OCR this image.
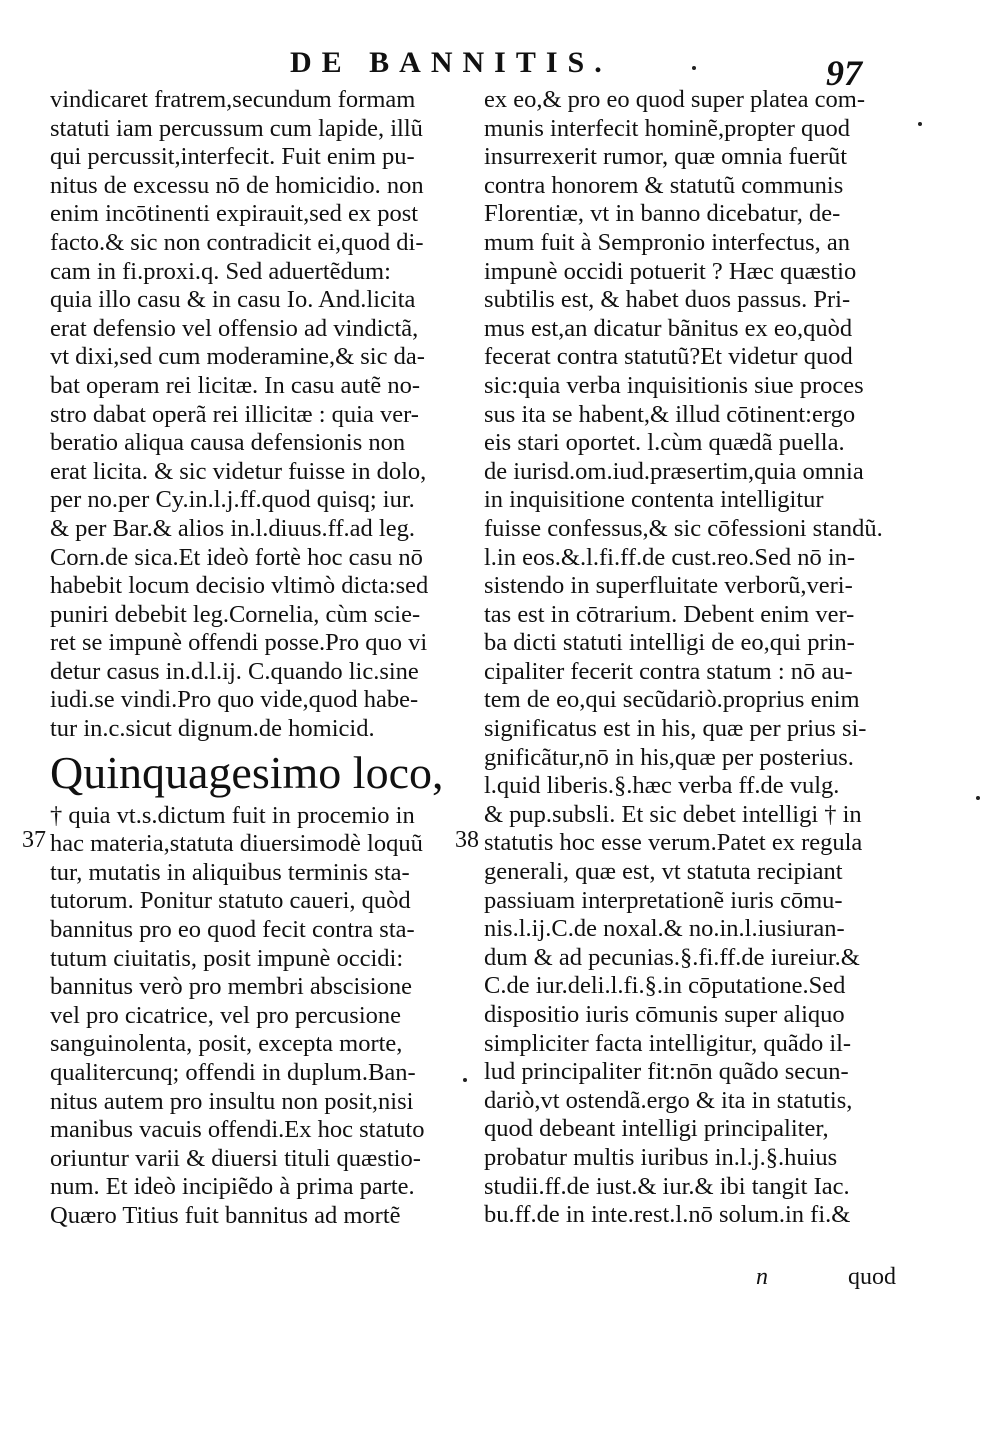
DE BANNITIS.	97
vindicaret fratrem,secundum formam
statuti iam percussum cum lapide, illũ
qui percussit,interfecit. Fuit enim pu-
nitus de excessu nō de homicidio. non
enim incōtinenti expirauit,sed ex post
facto.& sic non contradicit ei,quod di-
cam in fi.proxi.q. Sed aduertẽdum:
quia illo casu & in casu Io. And.licita
erat defensio vel offensio ad vindictã,
vt dixi,sed cum moderamine,& sic da-
bat operam rei licitæ. In casu autẽ no-
stro dabat operã rei illicitæ : quia ver-
beratio aliqua causa defensionis non
erat licita. & sic videtur fuisse in dolo,
per no.per Cy.in.l.j.ff.quod quisq; iur.
& per Bar.& alios in.l.diuus.ff.ad leg.
Corn.de sica.Et ideò fortè hoc casu nō
habebit locum decisio vltimò dicta:sed
puniri debebit leg.Cornelia, cùm scie-
ret se impunè offendi posse.Pro quo vi
detur casus in.d.l.ij. C.quando lic.sine
iudi.se vindi.Pro quo vide,quod habe-
tur in.c.sicut dignum.de homicid.
Quinquagesimo loco,
† quia vt.s.dictum fuit in procemio in
hac materia,statuta diuersimodè loquũ
tur, mutatis in aliquibus terminis sta-
tutorum. Ponitur statuto caueri, quòd
bannitus pro eo quod fecit contra sta-
tutum ciuitatis, posit impunè occidi:
bannitus verò pro membri abscisione
vel pro cicatrice, vel pro percusione
sanguinolenta, posit, excepta morte,
qualitercunq; offendi in duplum.Ban-
nitus autem pro insultu non posit,nisi
manibus vacuis offendi.Ex hoc statuto
oriuntur varii & diuersi tituli quæstio-
num. Et ideò incipiẽdo à prima parte.
Quæro Titius fuit bannitus ad mortẽ
37	38
ex eo,& pro eo quod super platea com-
munis interfecit hominẽ,propter quod
insurrexerit rumor, quæ omnia fuerũt
contra honorem & statutũ communis
Florentiæ, vt in banno dicebatur, de-
mum fuit à Sempronio interfectus, an
impunè occidi potuerit ? Hæc quæstio
subtilis est, & habet duos passus. Pri-
mus est,an dicatur bãnitus ex eo,quòd
fecerat contra statutũ?Et videtur quod
sic:quia verba inquisitionis siue proces
sus ita se habent,& illud cōtinent:ergo
eis stari oportet. l.cùm quædã puella.
de iurisd.om.iud.præsertim,quia omnia
in inquisitione contenta intelligitur
fuisse confessus,& sic cōfessioni standũ.
l.in eos.&.l.fi.ff.de cust.reo.Sed nō in-
sistendo in superfluitate verborũ,veri-
tas est in cōtrarium. Debent enim ver-
ba dicti statuti intelligi de eo,qui prin-
cipaliter fecerit contra statum : nō au-
tem de eo,qui secũdariò.proprius enim
significatus est in his, quæ per prius si-
gnificãtur,nō in his,quæ per posterius.
l.quid liberis.§.hæc verba ff.de vulg.
& pup.subsli. Et sic debet intelligi † in
statutis hoc esse verum.Patet ex regula
generali, quæ est, vt statuta recipiant
passiuam interpretationẽ iuris cōmu-
nis.l.ij.C.de noxal.& no.in.l.iusiuran-
dum & ad pecunias.§.fi.ff.de iureiur.&
C.de iur.deli.l.fi.§.in cōputatione.Sed
dispositio iuris cōmunis super aliquo
simpliciter facta intelligitur, quãdo il-
lud principaliter fit:nōn quãdo secun-
dariò,vt ostendã.ergo & ita in statutis,
quod debeant intelligi principaliter,
probatur multis iuribus in.l.j.§.huius
studii.ff.de iust.& iur.& ibi tangit Iac.
bu.ff.de in inte.rest.l.nō solum.in fi.&
n	quod
